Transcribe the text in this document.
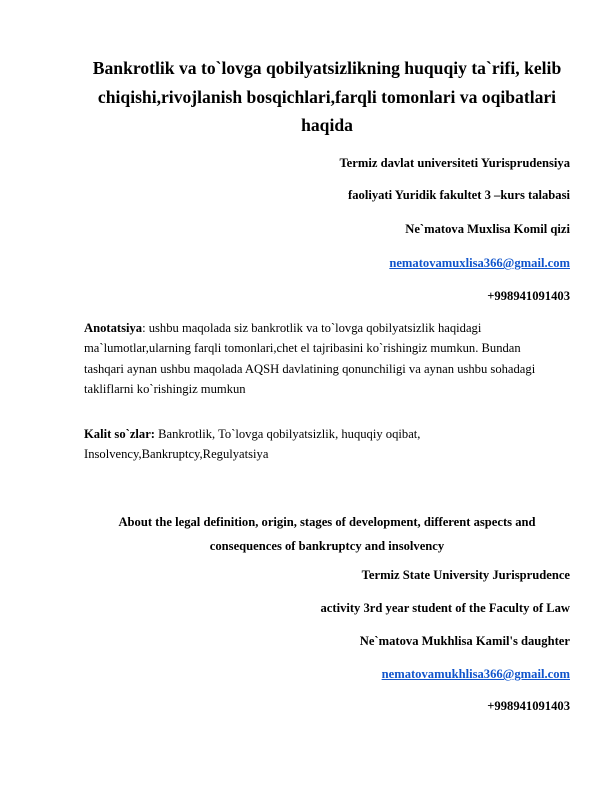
Bankrotlik va to`lovga qobilyatsizlikning huquqiy ta`rifi, kelib chiqishi,rivojlanish bosqichlari,farqli tomonlari va oqibatlari haqida
Termiz davlat universiteti Yurisprudensiya
faoliyati Yuridik fakultet 3 –kurs talabasi
Ne`matova Muxlisa Komil qizi
nematovamuxlisa366@gmail.com
+998941091403
Anotatsiya: ushbu maqolada siz bankrotlik va to`lovga qobilyatsizlik haqidagi ma`lumotlar,ularning farqli tomonlari,chet el tajribasini ko`rishingiz mumkun. Bundan tashqari aynan ushbu maqolada AQSH davlatining qonunchiligi va aynan ushbu sohadagi takliflarni ko`rishingiz mumkun
Kalit so`zlar: Bankrotlik, To`lovga qobilyatsizlik, huquqiy oqibat, Insolvency,Bankruptcy,Regulyatsiya
About the legal definition, origin, stages of development, different aspects and consequences of bankruptcy and insolvency
Termiz State University Jurisprudence
activity 3rd year student of the Faculty of Law
Ne`matova Mukhlisa Kamil's daughter
nematovamukhlisa366@gmail.com
+998941091403
